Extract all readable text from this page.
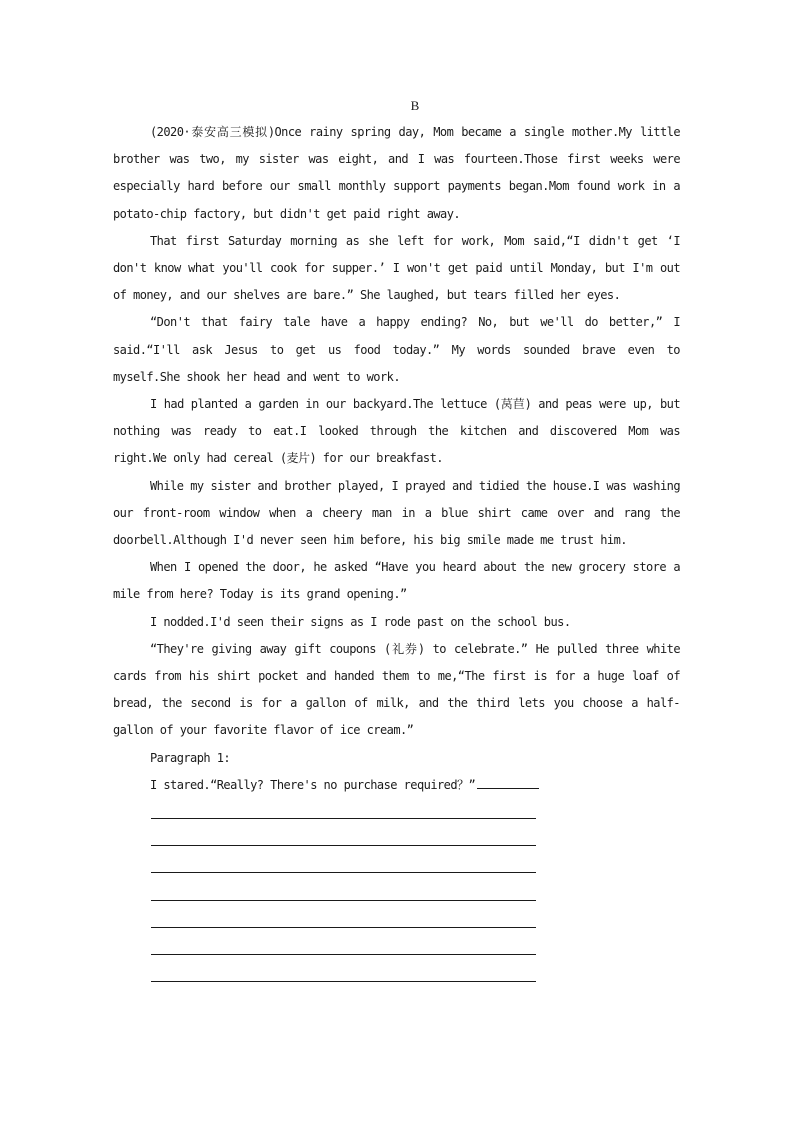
B

(2020·泰安高三模拟)Once rainy spring day, Mom became a single mother.My little brother was two, my sister was eight, and I was fourteen.Those first weeks were especially hard before our small monthly support payments began.Mom found work in a potato-chip factory, but didn't get paid right away.

That first Saturday morning as she left for work, Mom said,“I didn't get ‘I don't know what you'll cook for supper.’ I won't get paid until Monday, but I'm out of money, and our shelves are bare.” She laughed, but tears filled her eyes.

“Don't that fairy tale have a happy ending? No, but we'll do better,” I said.“I'll ask Jesus to get us food today.” My words sounded brave even to myself.She shook her head and went to work.

I had planted a garden in our backyard.The lettuce (莴苣) and peas were up, but nothing was ready to eat.I looked through the kitchen and discovered Mom was right.We only had cereal (麦片) for our breakfast.

While my sister and brother played, I prayed and tidied the house.I was washing our front-room window when a cheery man in a blue shirt came over and rang the doorbell.Although I'd never seen him before, his big smile made me trust him.

When I opened the door, he asked “Have you heard about the new grocery store a mile from here? Today is its grand opening.”

I nodded.I'd seen their signs as I rode past on the school bus.

“They're giving away gift coupons (礼券) to celebrate.” He pulled three white cards from his shirt pocket and handed them to me,“The first is for a huge loaf of bread, the second is for a gallon of milk, and the third lets you choose a half-gallon of your favorite flavor of ice cream.”

Paragraph 1:

I stared.“Really? There's no purchase required？”
